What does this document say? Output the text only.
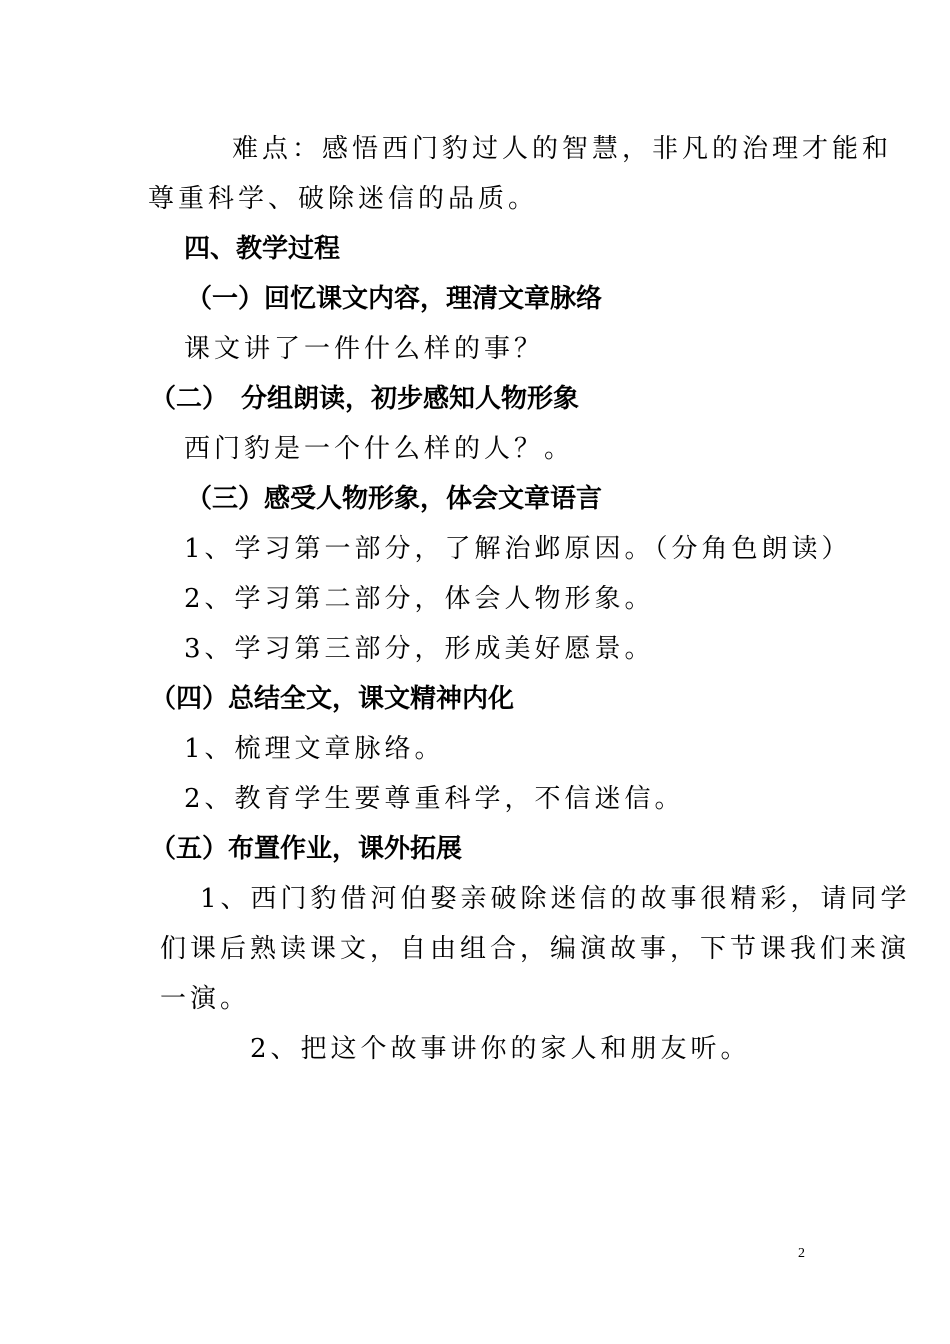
难点：感悟西门豹过人的智慧，非凡的治理才能和
尊重科学、破除迷信的品质。
四、教学过程
（一）回忆课文内容，理清文章脉络
课文讲了一件什么样的事？
（二）　分组朗读，初步感知人物形象
西门豹是一个什么样的人？。
（三）感受人物形象，体会文章语言
1、学习第一部分，了解治邺原因。（分角色朗读）
2、学习第二部分，体会人物形象。
3、学习第三部分，形成美好愿景。
（四）总结全文，课文精神内化
1、梳理文章脉络。
2、教育学生要尊重科学，不信迷信。
（五）布置作业，课外拓展
1、西门豹借河伯娶亲破除迷信的故事很精彩，请同学
们课后熟读课文，自由组合，编演故事，下节课我们来演
一演。
2、把这个故事讲你的家人和朋友听。
2
